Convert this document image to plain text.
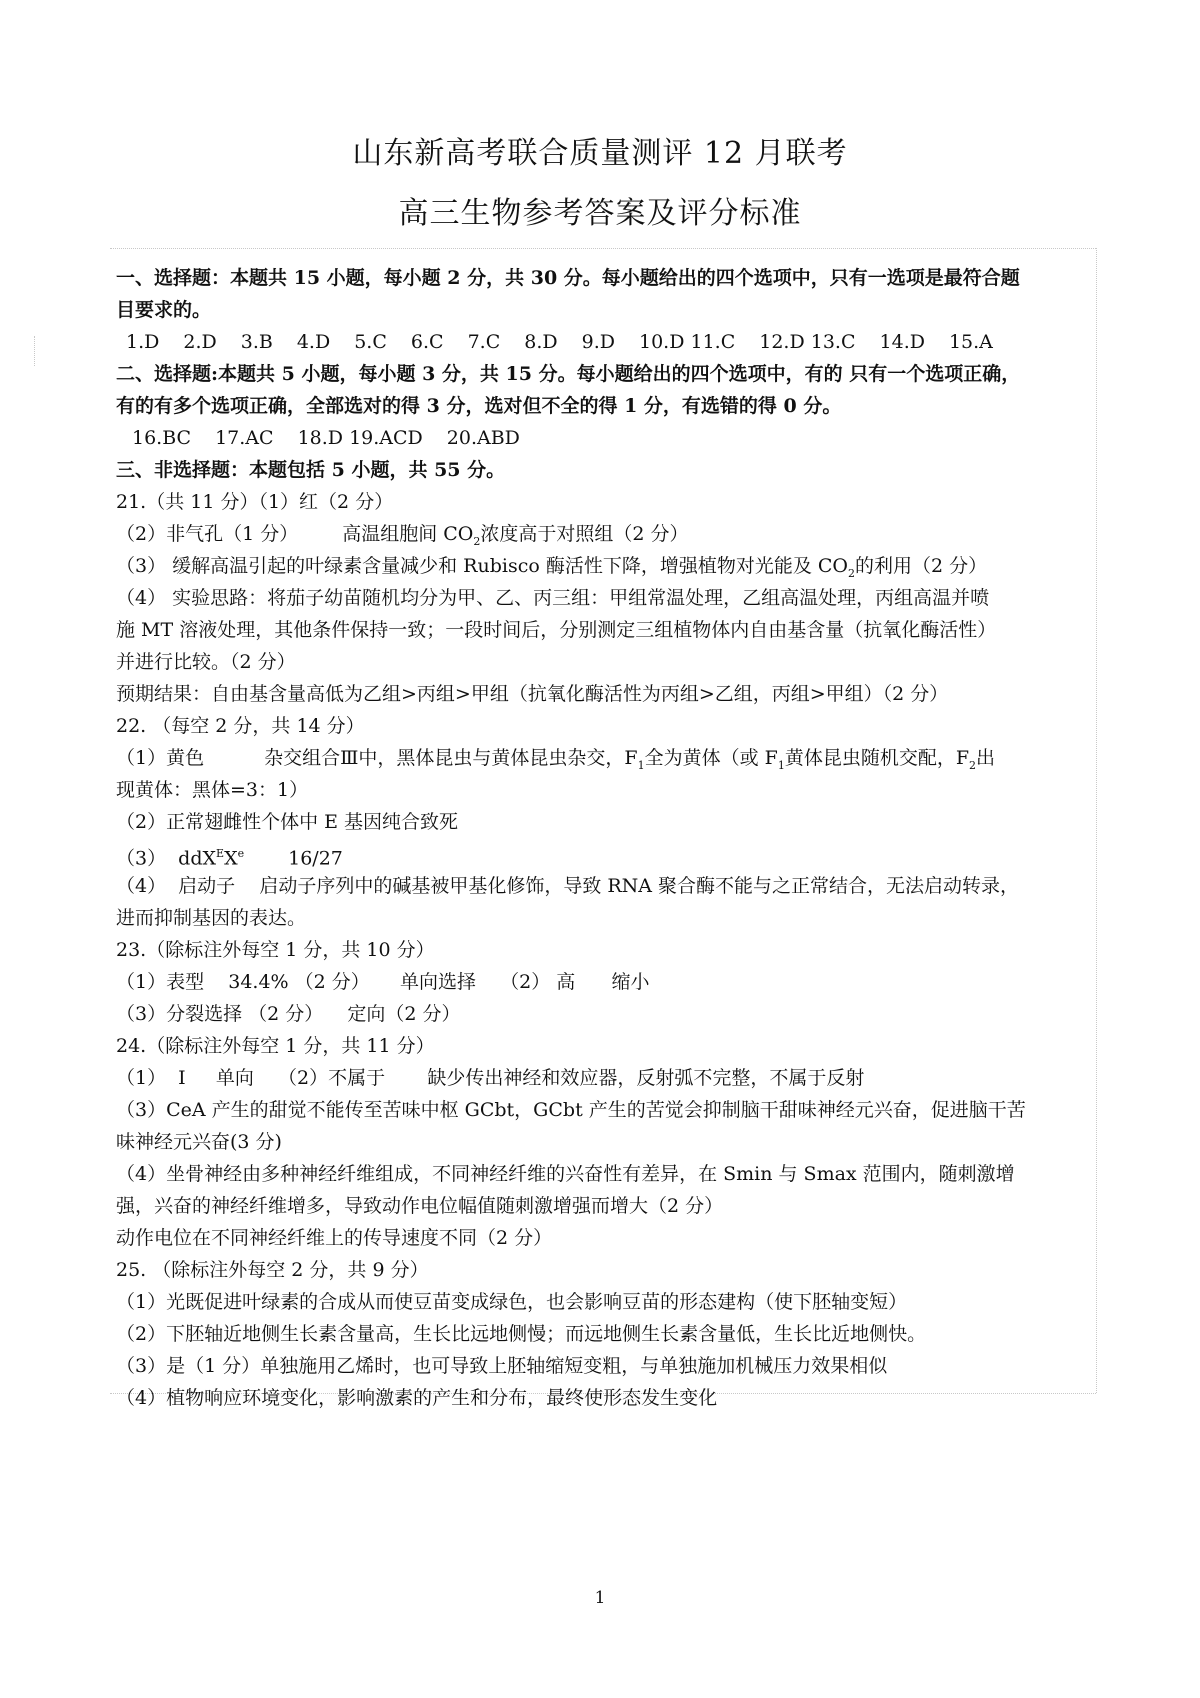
山东新高考联合质量测评 12 月联考
高三生物参考答案及评分标准
一、选择题：本题共 15 小题，每小题 2 分，共 30 分。每小题给出的四个选项中，只有一选项是最符合题
目要求的。
1.D 2.D 3.B 4.D 5.C 6.C 7.C 8.D 9.D 10.D 11.C 12.D 13.C 14.D 15.A
二、选择题:本题共 5 小题，每小题 3 分，共 15 分。每小题给出的四个选项中，有的 只有一个选项正确，
有的有多个选项正确，全部选对的得 3 分，选对但不全的得 1 分，有选错的得 0 分。
16.BC 17.AC 18.D 19.ACD 20.ABD
三、非选择题：本题包括 5 小题，共 55 分。
21.（共 11 分）（1）红（2 分）
（2）非气孔（1 分） 高温组胞间 $CO_2$浓度高于对照组（2 分）
（3） 缓解高温引起的叶绿素含量减少和 Rubisco 酶活性下降，增强植物对光能及 $CO_2$的利用（2 分）
（4） 实验思路：将茄子幼苗随机均分为甲、乙、丙三组：甲组常温处理，乙组高温处理，丙组高温并喷
施 MT 溶液处理，其他条件保持一致；一段时间后，分别测定三组植物体内自由基含量（抗氧化酶活性）
并进行比较。（2 分）
预期结果：自由基含量高低为乙组>丙组>甲组（抗氧化酶活性为丙组>乙组，丙组>甲组）（2 分）
22. （每空 2 分，共 14 分）
（1）黄色	杂交组合Ⅲ中，黑体昆虫与黄体昆虫杂交，$F_1$全为黄体（或 $F_1$黄体昆虫随机交配，$F_2$出
现黄体：黑体=3：1）
（2）正常翅雌性个体中 E 基因纯合致死
（3）  ddX$^E$Xe 16/27
（4）  启动子    启动子序列中的碱基被甲基化修饰，导致 RNA 聚合酶不能与之正常结合，无法启动转录，
进而抑制基因的表达。
23.（除标注外每空 1 分，共 10 分）
（1）表型    34.4% （2 分）     单向选择    （2） 高      缩小
（3）分裂选择 （2 分）    定向（2 分）
24.（除标注外每空 1 分，共 11 分）
（1）  Ⅰ     单向    （2）不属于       缺少传出神经和效应器，反射弧不完整，不属于反射
（3）CeA 产生的甜觉不能传至苦味中枢 GCbt，GCbt 产生的苦觉会抑制脑干甜味神经元兴奋，促进脑干苦
味神经元兴奋(3 分)
（4）坐骨神经由多种神经纤维组成，不同神经纤维的兴奋性有差异，在 Smin 与 Smax 范围内，随刺激增
强，兴奋的神经纤维增多，导致动作电位幅值随刺激增强而增大（2 分）
动作电位在不同神经纤维上的传导速度不同（2 分）
25. （除标注外每空 2 分，共 9 分）
（1）光既促进叶绿素的合成从而使豆苗变成绿色，也会影响豆苗的形态建构（使下胚轴变短）
（2）下胚轴近地侧生长素含量高，生长比远地侧慢；而远地侧生长素含量低，生长比近地侧快。
（3）是（1 分）单独施用乙烯时，也可导致上胚轴缩短变粗，与单独施加机械压力效果相似
（4）植物响应环境变化，影响激素的产生和分布，最终使形态发生变化
1
